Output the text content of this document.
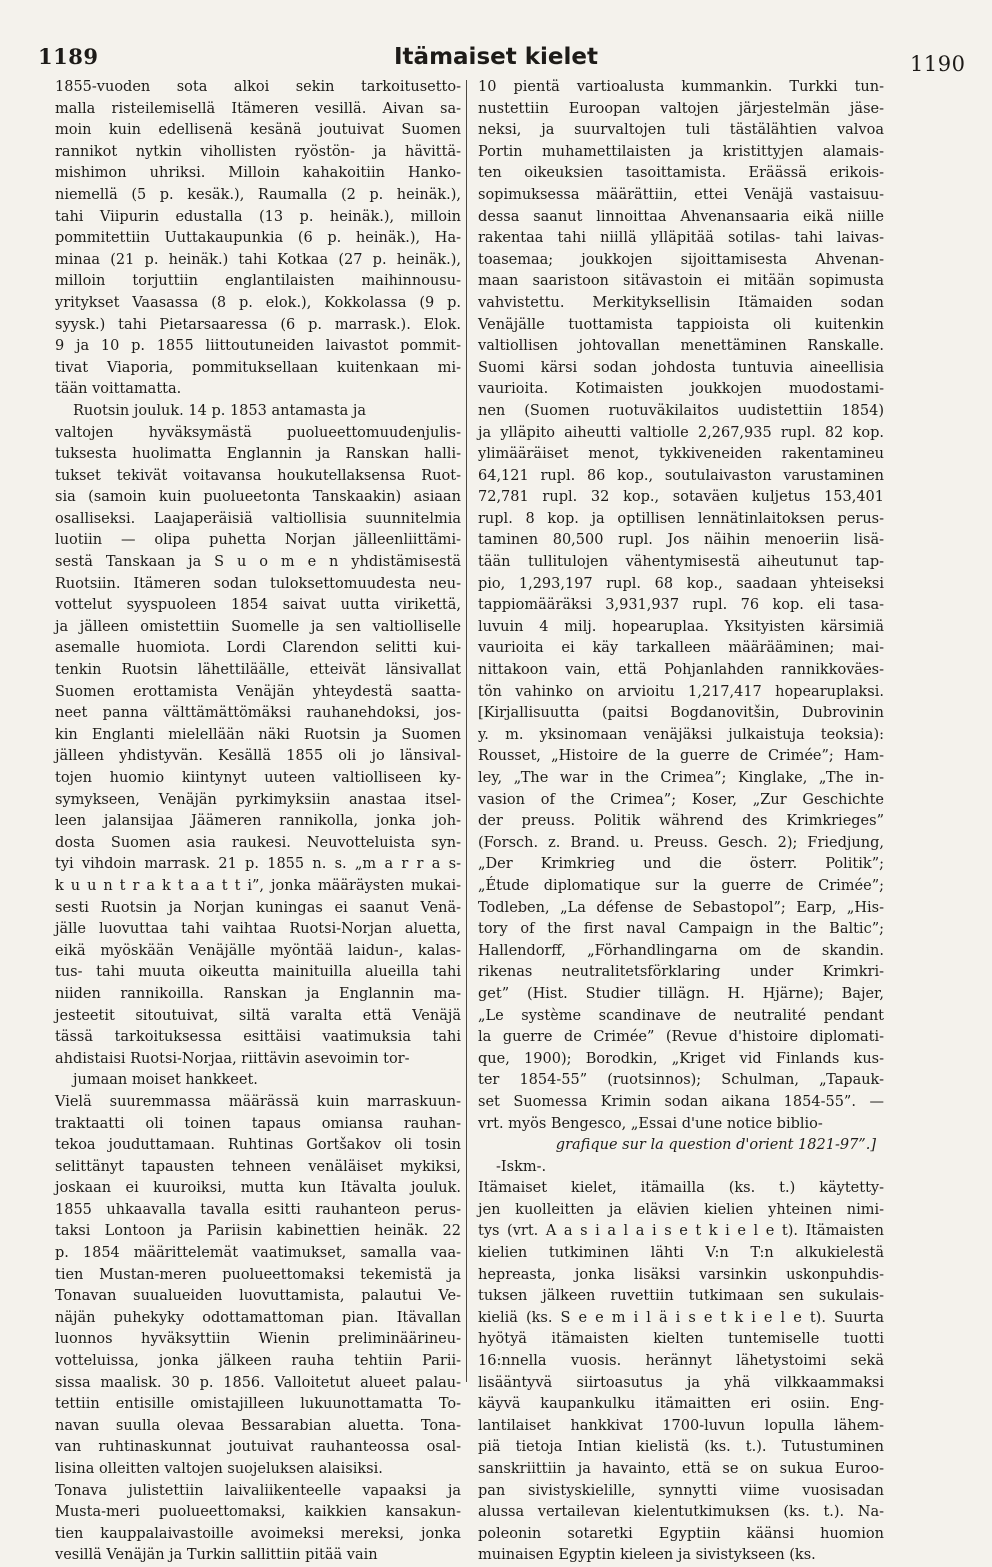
1189	Itämaiset kielet	1190
1855-vuoden sota alkoi sekin tarkoitusetto-
malla risteilemisellä Itämeren vesillä. Aivan sa-
moin kuin edellisenä kesänä joutuivat Suomen
rannikot nytkin vihollisten ryöstön- ja hävittä-
mishimon uhriksi. Milloin kahakoitiin Hanko-
niemellä (5 p. kesäk.), Raumalla (2 p. heinäk.),
tahi Viipurin edustalla (13 p. heinäk.), milloin
pommitettiin Uuttakaupunkia (6 p. heinäk.), Ha-
minaa (21 p. heinäk.) tahi Kotkaa (27 p. heinäk.),
milloin torjuttiin englantilaisten maihinnousu-
yritykset Vaasassa (8 p. elok.), Kokkolassa (9 p.
syysk.) tahi Pietarsaaressa (6 p. marrask.). Elok.
9 ja 10 p. 1855 liittoutuneiden laivastot pommit-
tivat Viaporia, pommituksellaan kuitenkaan mi-
tään voittamatta.
Ruotsin jouluk. 14 p. 1853 antamasta ja
valtojen hyväksymästä puolueettomuudenjulis-
tuksesta huolimatta Englannin ja Ranskan halli-
tukset tekivät voitavansa houkutellaksensa Ruot-
sia (samoin kuin puolueetonta Tanskaakin) asiaan
osalliseksi. Laajaperäisiä valtiollisia suunnitelmia
luotiin — olipa puhetta Norjan jälleenliittämi-
sestä Tanskaan ja S u o m e n yhdistämisestä
Ruotsiin. Itämeren sodan tuloksettomuudesta neu-
vottelut syyspuoleen 1854 saivat uutta virikettä,
ja jälleen omistettiin Suomelle ja sen valtiolliselle
asemalle huomiota. Lordi Clarendon selitti kui-
tenkin Ruotsin lähettiläälle, etteivät länsivallat
Suomen erottamista Venäjän yhteydestä saatta-
neet panna välttämättömäksi rauhanehdoksi, jos-
kin Englanti mielellään näki Ruotsin ja Suomen
jälleen yhdistyvän. Kesällä 1855 oli jo länsival-
tojen huomio kiintynyt uuteen valtiolliseen ky-
symykseen, Venäjän pyrkimyksiin anastaa itsel-
leen jalansijaa Jäämeren rannikolla, jonka joh-
dosta Suomen asia raukesi. Neuvotteluista syn-
tyi vihdoin marrask. 21 p. 1855 n. s. „m a r r a s-
k u u n t r a k t a a t t i”, jonka määräysten mukai-
sesti Ruotsin ja Norjan kuningas ei saanut Venä-
jälle luovuttaa tahi vaihtaa Ruotsi-Norjan aluetta,
eikä myöskään Venäjälle myöntää laidun-, kalas-
tus- tahi muuta oikeutta mainituilla alueilla tahi
niiden rannikoilla. Ranskan ja Englannin ma-
jesteetit sitoutuivat, siltä varalta että Venäjä
tässä tarkoituksessa esittäisi vaatimuksia tahi
ahdistaisi Ruotsi-Norjaa, riittävin asevoimin tor-
jumaan moiset hankkeet.
Vielä suuremmassa määrässä kuin marraskuun-
traktaatti oli toinen tapaus omiansa rauhan-
tekoa jouduttamaan. Ruhtinas Gortšakov oli tosin
selittänyt tapausten tehneen venäläiset mykiksi,
joskaan ei kuuroiksi, mutta kun Itävalta jouluk.
1855 uhkaavalla tavalla esitti rauhanteon perus-
taksi Lontoon ja Pariisin kabinettien heinäk. 22
p. 1854 määrittelemät vaatimukset, samalla vaa-
tien Mustan-meren puolueettomaksi tekemistä ja
Tonavan suualueiden luovuttamista, palautui Ve-
näjän puhekyky odottamattoman pian. Itävallan
luonnos hyväksyttiin Wienin preliminäärineu-
votteluissa, jonka jälkeen rauha tehtiin Parii-
sissa maalisk. 30 p. 1856. Valloitetut alueet palau-
tettiin entisille omistajilleen lukuunottamatta To-
navan suulla olevaa Bessarabian aluetta. Tona-
van ruhtinaskunnat joutuivat rauhanteossa osal-
lisina olleitten valtojen suojeluksen alaisiksi.
Tonava julistettiin laivaliikenteelle vapaaksi ja
Musta-meri puolueettomaksi, kaikkien kansakun-
tien kauppalaivastoille avoimeksi mereksi, jonka
vesillä Venäjän ja Turkin sallittiin pitää vain
10 pientä vartioalusta kummankin. Turkki tun-
nustettiin Euroopan valtojen järjestelmän jäse-
neksi, ja suurvaltojen tuli tästälähtien valvoa
Portin muhamettilaisten ja kristittyjen alamais-
ten oikeuksien tasoittamista. Eräässä erikois-
sopimuksessa määrättiin, ettei Venäjä vastaisuu-
dessa saanut linnoittaa Ahvenansaaria eikä niille
rakentaa tahi niillä ylläpitää sotilas- tahi laivas-
toasemaa; joukkojen sijoittamisesta Ahvenan-
maan saaristoon sitävastoin ei mitään sopimusta
vahvistettu. Merkityksellisin Itämaiden sodan
Venäjälle tuottamista tappioista oli kuitenkin
valtiollisen johtovallan menettäminen Ranskalle.
Suomi kärsi sodan johdosta tuntuvia aineellisia
vaurioita. Kotimaisten joukkojen muodostami-
nen (Suomen ruotuväkilaitos uudistettiin 1854)
ja ylläpito aiheutti valtiolle 2,267,935 rupl. 82 kop.
ylimääräiset menot, tykkiveneiden rakentamineu
64,121 rupl. 86 kop., soutulaivaston varustaminen
72,781 rupl. 32 kop., sotaväen kuljetus 153,401
rupl. 8 kop. ja optillisen lennätinlaitoksen perus-
taminen 80,500 rupl. Jos näihin menoeriin lisä-
tään tullitulojen vähentymisestä aiheutunut tap-
pio, 1,293,197 rupl. 68 kop., saadaan yhteiseksi
tappiomääräksi 3,931,937 rupl. 76 kop. eli tasa-
luvuin 4 milj. hopearuplaa. Yksityisten kärsimiä
vaurioita ei käy tarkalleen määrääminen; mai-
nittakoon vain, että Pohjanlahden rannikkoväes-
tön vahinko on arvioitu 1,217,417 hopearuplaksi.
[Kirjallisuutta (paitsi Bogdanovitšin, Dubrovinin
y. m. yksinomaan venäjäksi julkaistuja teoksia):
Rousset, „Histoire de la guerre de Crimée”; Ham-
ley, „The war in the Crimea”; Kinglake, „The in-
vasion of the Crimea”; Koser, „Zur Geschichte
der preuss. Politik während des Krimkrieges”
(Forsch. z. Brand. u. Preuss. Gesch. 2); Friedjung,
„Der Krimkrieg und die österr. Politik”;
„Étude diplomatique sur la guerre de Crimée”;
Todleben, „La défense de Sebastopol”; Earp, „His-
tory of the first naval Campaign in the Baltic”;
Hallendorff, „Förhandlingarna om de skandin.
rikenas neutralitetsförklaring under Krimkri-
get” (Hist. Studier tillägn. H. Hjärne); Bajer,
„Le système scandinave de neutralité pendant
la guerre de Crimée” (Revue d'histoire diplomati-
que, 1900); Borodkin, „Kriget vid Finlands kus-
ter 1854-55” (ruotsinnos); Schulman, „Tapauk-
set Suomessa Krimin sodan aikana 1854-55”. —
vrt. myös Bengesco, „Essai d'une notice biblio-
grafique sur la question d'orient 1821-97”.]
-Iskm-.
Itämaiset kielet, itämailla (ks. t.) käytetty-
jen kuolleitten ja elävien kielien yhteinen nimi-
tys (vrt. A a s i a l a i s e t k i e l e t). Itämaisten
kielien tutkiminen lähti V:n T:n alkukielestä
hepreasta, jonka lisäksi varsinkin uskonpuhdis-
tuksen jälkeen ruvettiin tutkimaan sen sukulais-
kieliä (ks. S e e m i l ä i s e t k i e l e t). Suurta
hyötyä itämaisten kielten tuntemiselle tuotti
16:nnella vuosis. herännyt lähetystoimi sekä
lisääntyvä siirtoasutus ja yhä vilkkaammaksi
käyvä kaupankulku itämaitten eri osiin. Eng-
lantilaiset hankkivat 1700-luvun lopulla lähem-
piä tietoja Intian kielistä (ks. t.). Tutustuminen
sanskriittiin ja havainto, että se on sukua Euroo-
pan sivistyskielille, synnytti viime vuosisadan
alussa vertailevan kielentutkimuksen (ks. t.). Na-
poleonin sotaretki Egyptiin käänsi huomion
muinaisen Egyptin kieleen ja sivistykseen (ks.
